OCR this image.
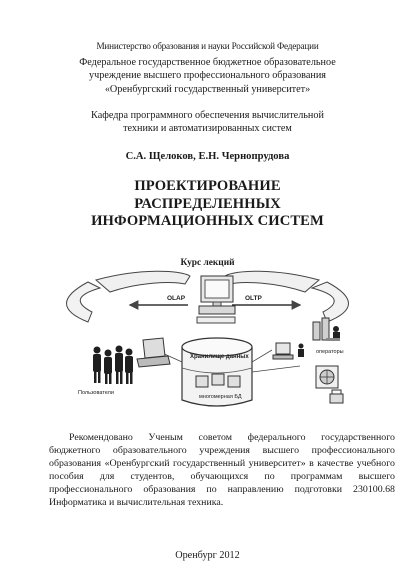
Министерство образования и науки Российской Федерации
Федеральное государственное бюджетное образовательное
учреждение высшего профессионального образования
«Оренбургский государственный университет»
Кафедра программного обеспечения вычислительной
техники и автоматизированных систем
С.А. Щелоков, Е.Н. Чернопрудова
ПРОЕКТИРОВАНИЕ
РАСПРЕДЕЛЕННЫХ
ИНФОРМАЦИОННЫХ СИСТЕМ
Курс лекций
OLAP	OLTP
Хранилище данных
многомерная БД
Пользователи
операторы
Рекомендовано Ученым советом федерального государственного бюджетного образовательного учреждения высшего профессионального образования «Оренбургский государственный университет» в качестве учебного пособия для студентов, обучающихся по программам высшего профессионального образования по направлению подготовки 230100.68 Информатика и вычислительная техника.
Оренбург 2012
